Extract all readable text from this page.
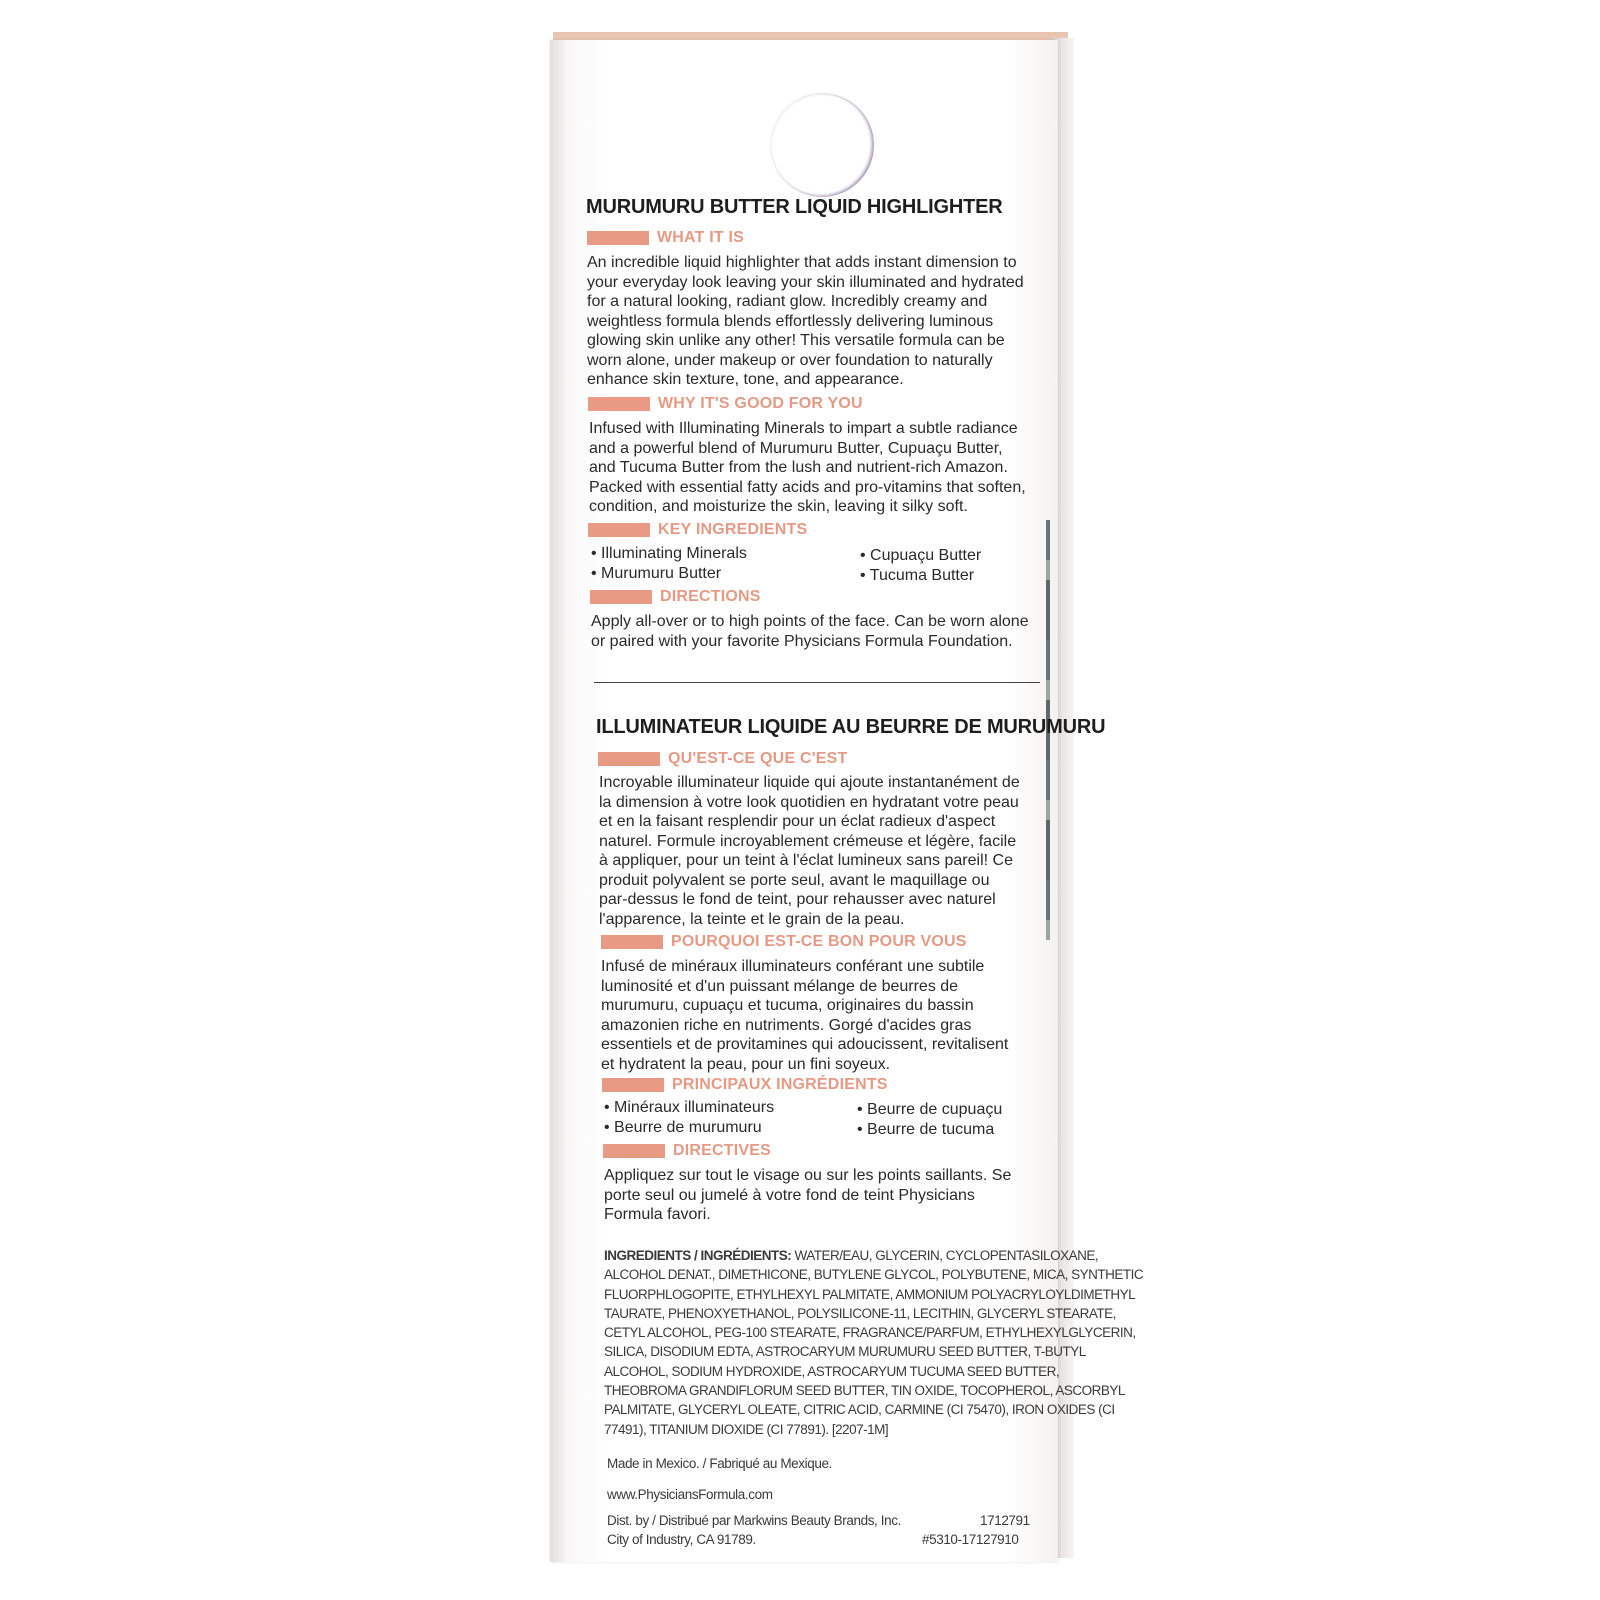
MURUMURU BUTTER LIQUID HIGHLIGHTER
WHAT IT IS
An incredible liquid highlighter that adds instant dimension to
your everyday look leaving your skin illuminated and hydrated
for a natural looking, radiant glow. Incredibly creamy and
weightless formula blends effortlessly delivering luminous
glowing skin unlike any other! This versatile formula can be
worn alone, under makeup or over foundation to naturally
enhance skin texture, tone, and appearance.
WHY IT'S GOOD FOR YOU
Infused with Illuminating Minerals to impart a subtle radiance
and a powerful blend of Murumuru Butter, Cupuaçu Butter,
and Tucuma Butter from the lush and nutrient-rich Amazon.
Packed with essential fatty acids and pro-vitamins that soften,
condition, and moisturize the skin, leaving it silky soft.
KEY INGREDIENTS
• Illuminating Minerals
• Murumuru Butter
• Cupuaçu Butter
• Tucuma Butter
DIRECTIONS
Apply all-over or to high points of the face. Can be worn alone
or paired with your favorite Physicians Formula Foundation.
ILLUMINATEUR LIQUIDE AU BEURRE DE MURUMURU
QU'EST-CE QUE C'EST
Incroyable illuminateur liquide qui ajoute instantanément de
la dimension à votre look quotidien en hydratant votre peau
et en la faisant resplendir pour un éclat radieux d'aspect
naturel. Formule incroyablement crémeuse et légère, facile
à appliquer, pour un teint à l'éclat lumineux sans pareil! Ce
produit polyvalent se porte seul, avant le maquillage ou
par-dessus le fond de teint, pour rehausser avec naturel
l'apparence, la teinte et le grain de la peau.
POURQUOI EST-CE BON POUR VOUS
Infusé de minéraux illuminateurs conférant une subtile
luminosité et d'un puissant mélange de beurres de
murumuru, cupuaçu et tucuma, originaires du bassin
amazonien riche en nutriments. Gorgé d'acides gras
essentiels et de provitamines qui adoucissent, revitalisent
et hydratent la peau, pour un fini soyeux.
PRINCIPAUX INGRÉDIENTS
• Minéraux illuminateurs
• Beurre de murumuru
• Beurre de cupuaçu
• Beurre de tucuma
DIRECTIVES
Appliquez sur tout le visage ou sur les points saillants. Se
porte seul ou jumelé à votre fond de teint Physicians
Formula favori.
INGREDIENTS / INGRÉDIENTS: WATER/EAU, GLYCERIN, CYCLOPENTASILOXANE,
ALCOHOL DENAT., DIMETHICONE, BUTYLENE GLYCOL, POLYBUTENE, MICA, SYNTHETIC
FLUORPHLOGOPITE, ETHYLHEXYL PALMITATE, AMMONIUM POLYACRYLOYLDIMETHYL
TAURATE, PHENOXYETHANOL, POLYSILICONE-11, LECITHIN, GLYCERYL STEARATE,
CETYL ALCOHOL, PEG-100 STEARATE, FRAGRANCE/PARFUM, ETHYLHEXYLGLYCERIN,
SILICA, DISODIUM EDTA, ASTROCARYUM MURUMURU SEED BUTTER, T-BUTYL
ALCOHOL, SODIUM HYDROXIDE, ASTROCARYUM TUCUMA SEED BUTTER,
THEOBROMA GRANDIFLORUM SEED BUTTER, TIN OXIDE, TOCOPHEROL, ASCORBYL
PALMITATE, GLYCERYL OLEATE, CITRIC ACID, CARMINE (CI 75470), IRON OXIDES (CI
77491), TITANIUM DIOXIDE (CI 77891). [2207-1M]
Made in Mexico. / Fabriqué au Mexique.
www.PhysiciansFormula.com
Dist. by / Distribué par Markwins Beauty Brands, Inc.
City of Industry, CA 91789.
1712791
#5310-17127910
